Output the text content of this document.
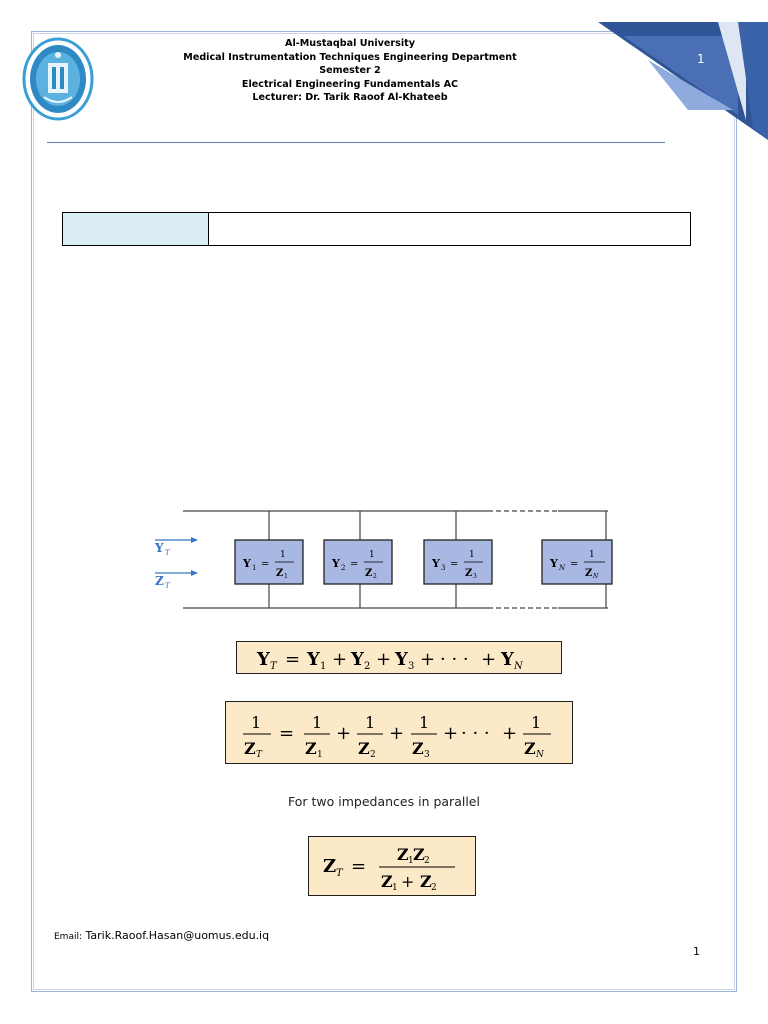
1
Al-Mustaqbal University
Medical Instrumentation Techniques Engineering Department
Semester 2
Electrical Engineering Fundamentals AC
Lecturer: Dr. Tarik Raoof Al-Khateeb
Y T
Z T
Y 1 =
1
Z 1
Y 2 =
1
Z 2
Y 3 =
1
Z 3
Y N =
1
Z N
Y T = Y 1 + Y 2 + Y 3 + · · · + Y N
1
Z T
=
1
Z 1
+
1
Z 2
+
1
Z 3
+ · · · +
1
Z N
For two impedances in parallel
Z T =
Z 1 Z 2
Z 1 + Z 2
Email: Tarik.Raoof.Hasan@uomus.edu.iq
1
